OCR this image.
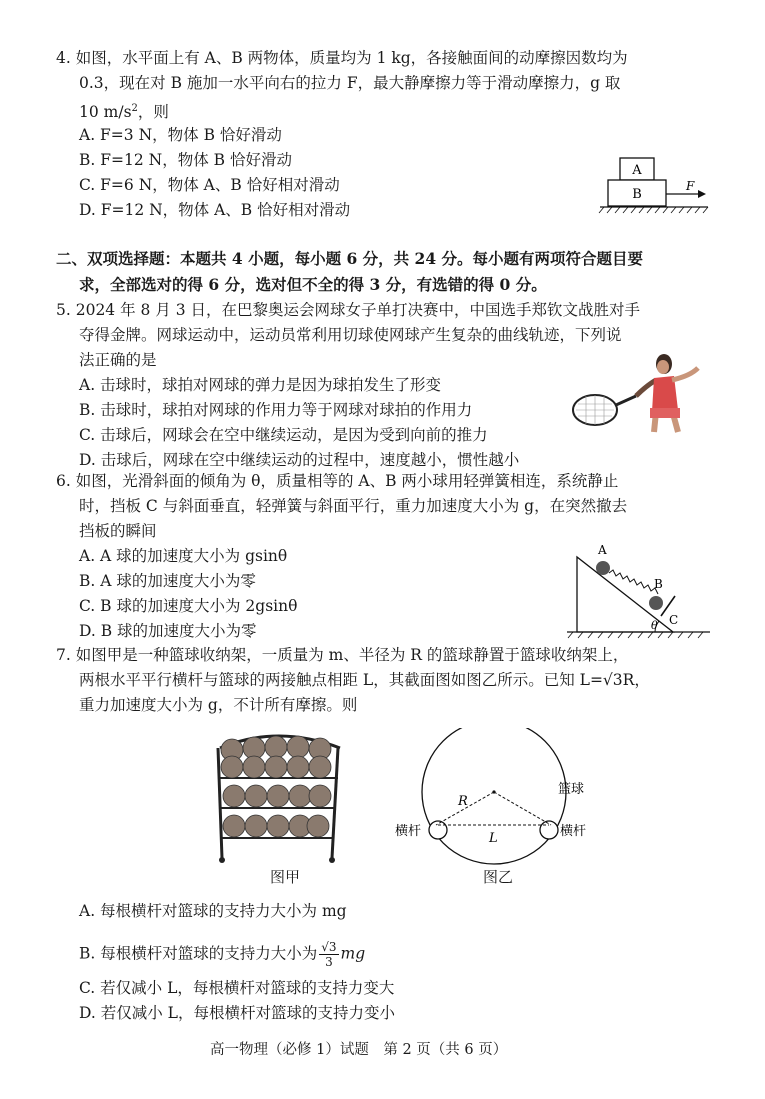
4. 如图，水平面上有 A、B 两物体，质量均为 1 kg，各接触面间的动摩擦因数均为
0.3，现在对 B 施加一水平向右的拉力 F，最大静摩擦力等于滑动摩擦力，g 取
10 $m/s^2$，则
A. F=3 N，物体 B 恰好滑动
B. F=12 N，物体 B 恰好滑动
C. F=6 N，物体 A、B 恰好相对滑动
D. F=12 N，物体 A、B 恰好相对滑动
A
B
F
二、双项选择题：本题共 4 小题，每小题 6 分，共 24 分。每小题有两项符合题目要
求，全部选对的得 6 分，选对但不全的得 3 分，有选错的得 0 分。
5. 2024 年 8 月 3 日，在巴黎奥运会网球女子单打决赛中，中国选手郑钦文战胜对手
夺得金牌。网球运动中，运动员常利用切球使网球产生复杂的曲线轨迹，下列说
法正确的是
A. 击球时，球拍对网球的弹力是因为球拍发生了形变
B. 击球时，球拍对网球的作用力等于网球对球拍的作用力
C. 击球后，网球会在空中继续运动，是因为受到向前的推力
D. 击球后，网球在空中继续运动的过程中，速度越小，惯性越小
6. 如图，光滑斜面的倾角为 θ，质量相等的 A、B 两小球用轻弹簧相连，系统静止
时，挡板 C 与斜面垂直，轻弹簧与斜面平行，重力加速度大小为 g，在突然撤去
挡板的瞬间
A. A 球的加速度大小为 gsinθ
B. A 球的加速度大小为零
C. B 球的加速度大小为 2gsinθ
D. B 球的加速度大小为零
A
B
C
θ
7. 如图甲是一种篮球收纳架，一质量为 m、半径为 R 的篮球静置于篮球收纳架上，
两根水平平行横杆与篮球的两接触点相距 L，其截面图如图乙所示。已知 L=√3R，
重力加速度大小为 g，不计所有摩擦。则
图甲
R
L
篮球
横杆	横杆
图乙
A. 每根横杆对篮球的支持力大小为 mg
B. 每根横杆对篮球的支持力大小为 $\frac{√3}{3}$ mg
C. 若仅减小 L，每根横杆对篮球的支持力变大
D. 若仅减小 L，每根横杆对篮球的支持力变小
高一物理（必修 1）试题　第 2 页（共 6 页）
